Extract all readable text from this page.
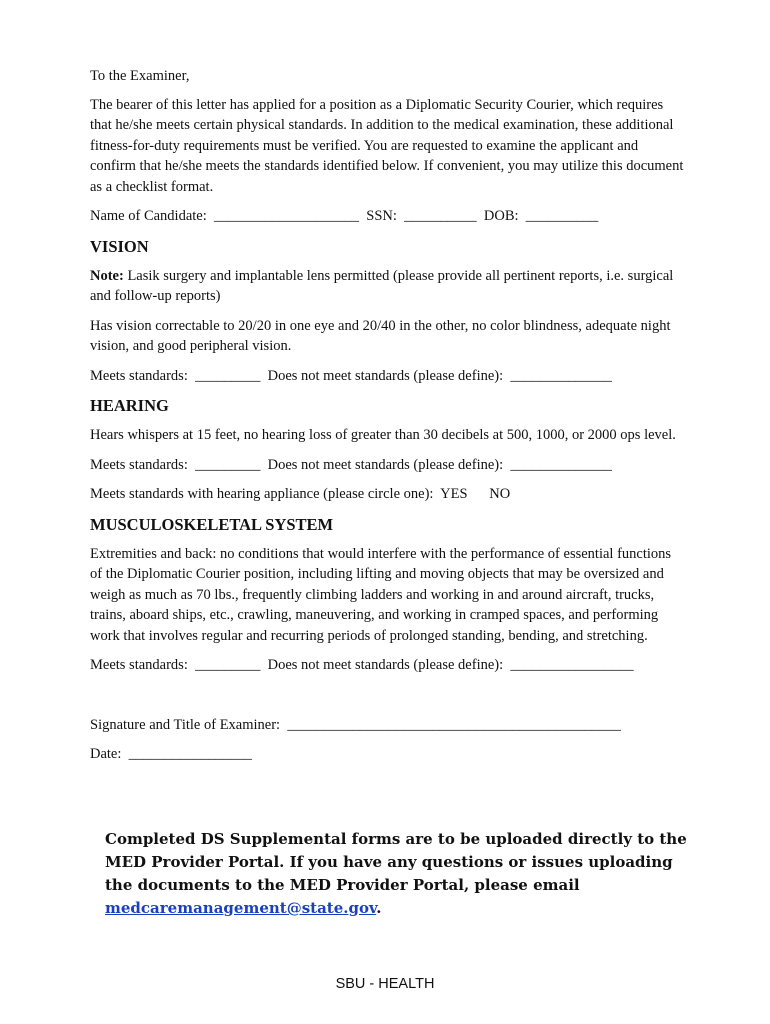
To the Examiner,

The bearer of this letter has applied for a position as a Diplomatic Security Courier, which requires that he/she meets certain physical standards. In addition to the medical examination, these additional fitness-for-duty requirements must be verified. You are requested to examine the applicant and confirm that he/she meets the standards identified below. If convenient, you may utilize this document as a checklist format.

Name of Candidate:  ____________________  SSN:  __________  DOB:  __________

VISION

Note: Lasik surgery and implantable lens permitted (please provide all pertinent reports, i.e. surgical and follow-up reports)

Has vision correctable to 20/20 in one eye and 20/40 in the other, no color blindness, adequate night vision, and good peripheral vision.

Meets standards:  _________  Does not meet standards (please define):  ______________

HEARING

Hears whispers at 15 feet, no hearing loss of greater than 30 decibels at 500, 1000, or 2000 ops level.

Meets standards:  _________  Does not meet standards (please define):  ______________

Meets standards with hearing appliance (please circle one):  YES      NO

MUSCULOSKELETAL SYSTEM

Extremities and back: no conditions that would interfere with the performance of essential functions of the Diplomatic Courier position, including lifting and moving objects that may be oversized and weigh as much as 70 lbs., frequently climbing ladders and working in and around aircraft, trucks, trains, aboard ships, etc., crawling, maneuvering, and working in cramped spaces, and performing work that involves regular and recurring periods of prolonged standing, bending, and stretching.

Meets standards:  _________  Does not meet standards (please define):  _________________

Signature and Title of Examiner:  ______________________________________________

Date:  _________________

Completed DS Supplemental forms are to be uploaded directly to the MED Provider Portal. If you have any questions or issues uploading the documents to the MED Provider Portal, please email medcaremanagement@state.gov.
SBU - HEALTH
